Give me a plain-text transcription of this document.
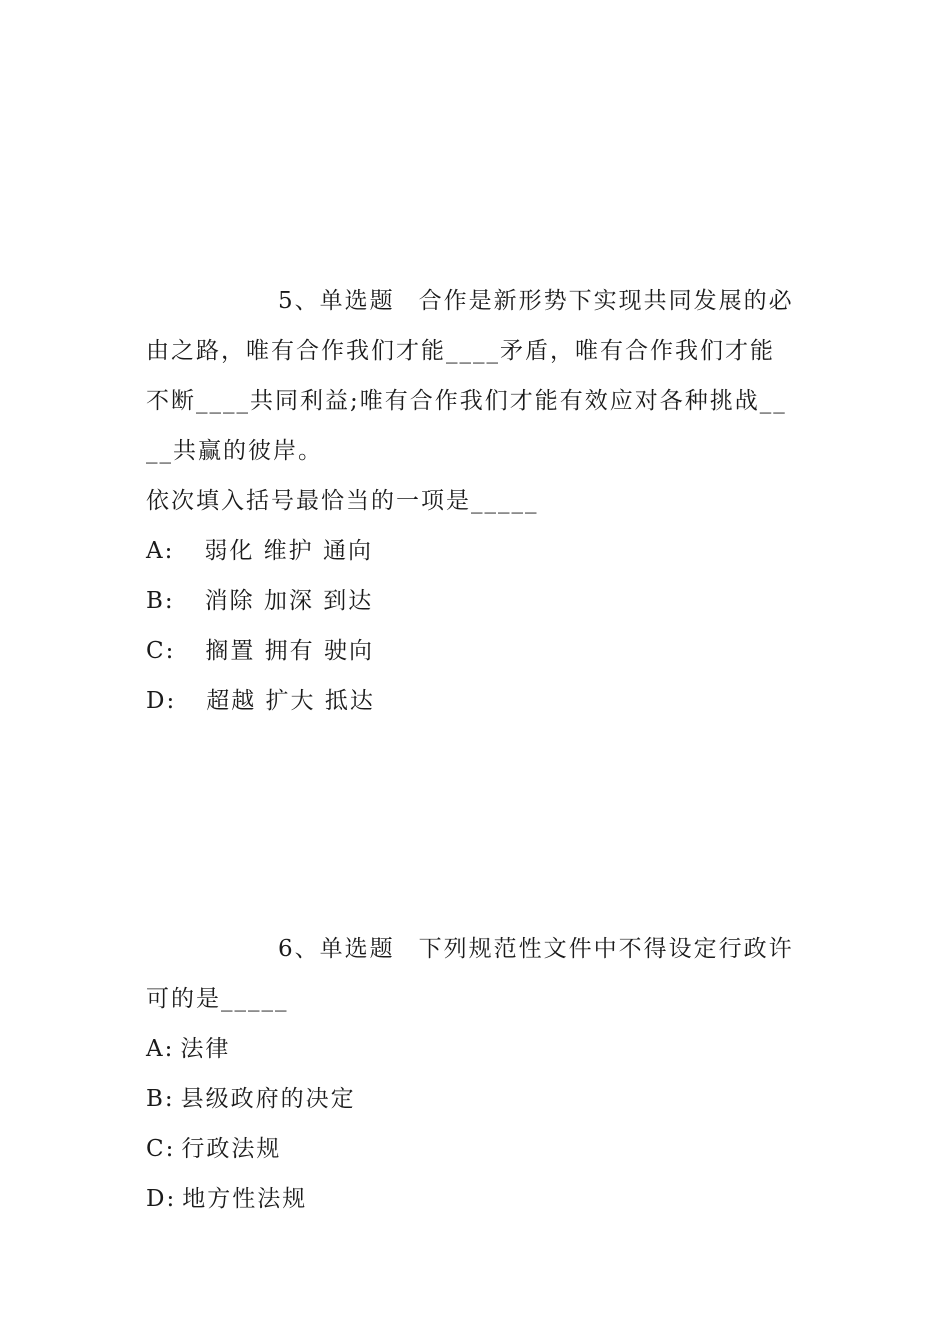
5、单选题 合作是新形势下实现共同发展的必
由之路，唯有合作我们才能____矛盾，唯有合作我们才能
不断____共同利益;唯有合作我们才能有效应对各种挑战__
__共赢的彼岸。
依次填入括号最恰当的一项是_____
A: 弱化 维护 通向
B: 消除 加深 到达
C: 搁置 拥有 驶向
D: 超越 扩大 抵达
6、单选题 下列规范性文件中不得设定行政许
可的是_____
A: 法律
B: 县级政府的决定
C: 行政法规
D: 地方性法规
